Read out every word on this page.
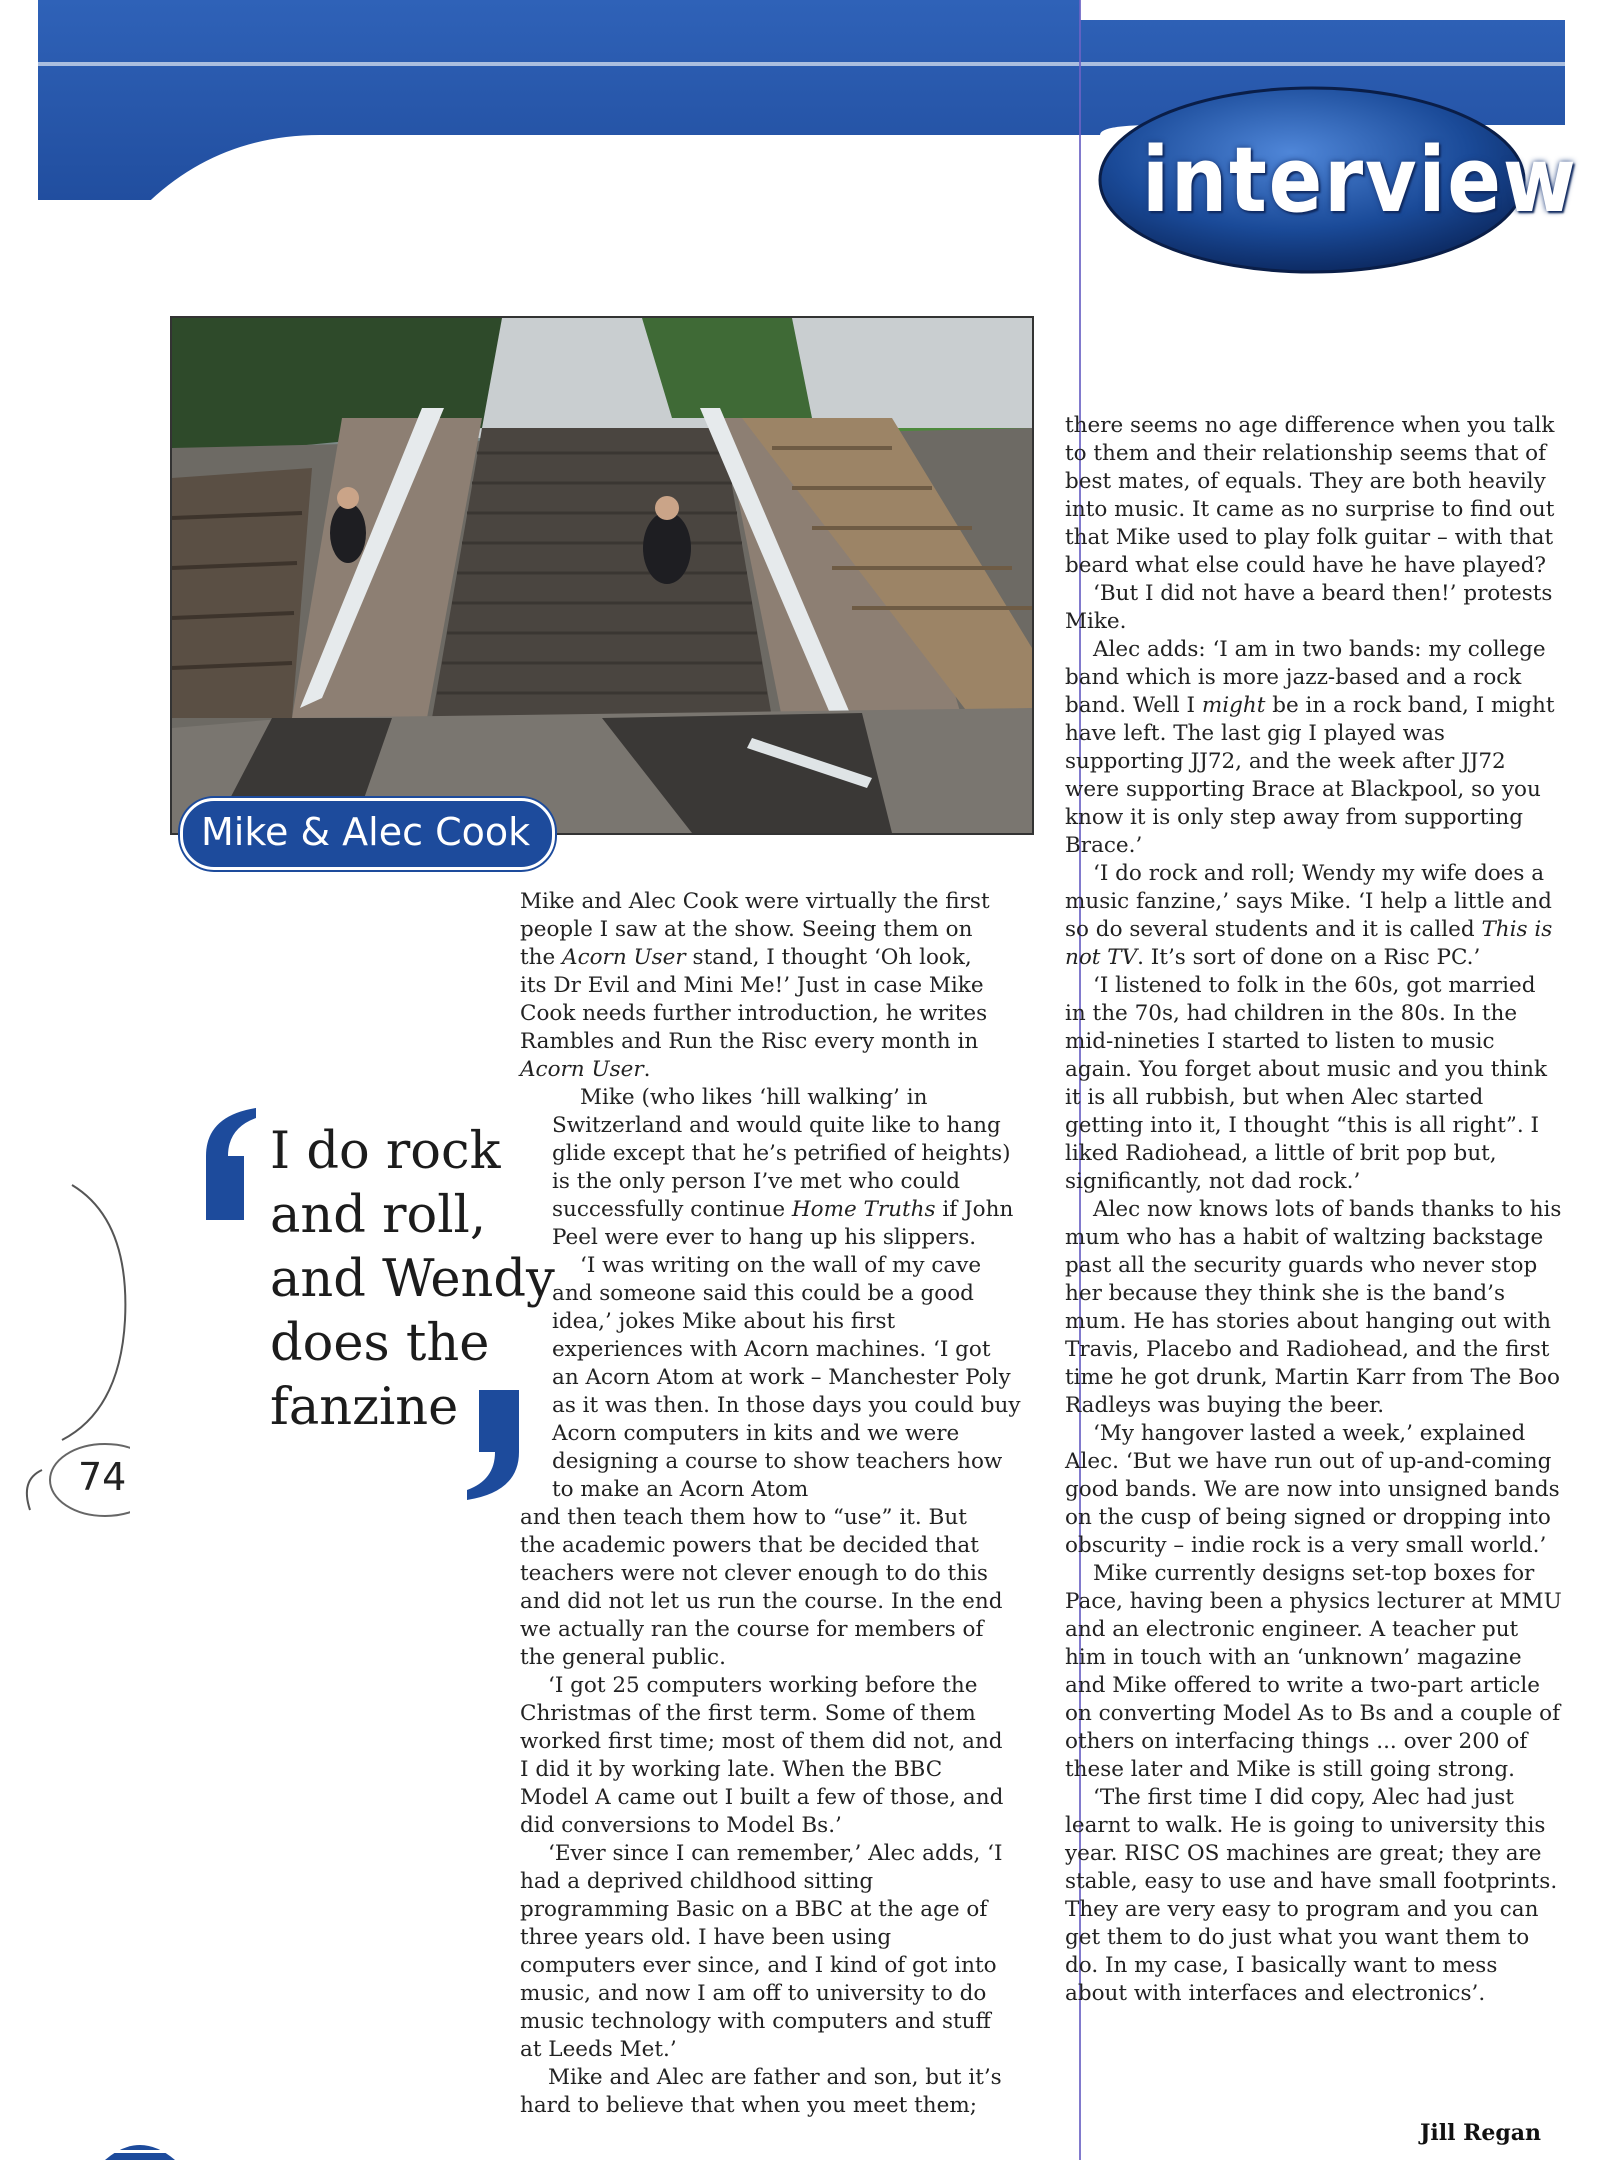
interview
Mike & Alec Cook
I do rock and roll, and Wendy does the fanzine
74

Mike and Alec Cook were virtually the first people I saw at the show. Seeing them on the Acorn User stand, I thought ‘Oh look, its Dr Evil and Mini Me!’ Just in case Mike Cook needs further introduction, he writes Rambles and Run the Risc every month in Acorn User.

Mike (who likes ‘hill walking’ in Switzerland and would quite like to hang glide except that he’s petrified of heights) is the only person I’ve met who could successfully continue Home Truths if John Peel were ever to hang up his slippers.

‘I was writing on the wall of my cave and someone said this could be a good idea,’ jokes Mike about his first experiences with Acorn machines. ‘I got an Acorn Atom at work – Manchester Poly as it was then. In those days you could buy Acorn computers in kits and we were designing a course to show teachers how to make an Acorn Atom

and then teach them how to “use” it. But the academic powers that be decided that teachers were not clever enough to do this and did not let us run the course. In the end we actually ran the course for members of the general public.

‘I got 25 computers working before the Christmas of the first term. Some of them worked first time; most of them did not, and I did it by working late. When the BBC Model A came out I built a few of those, and did conversions to Model Bs.’

‘Ever since I can remember,’ Alec adds, ‘I had a deprived childhood sitting programming Basic on a BBC at the age of three years old. I have been using computers ever since, and I kind of got into music, and now I am off to university to do music technology with computers and stuff at Leeds Met.’

Mike and Alec are father and son, but it’s hard to believe that when you meet them;

there seems no age difference when you talk to them and their relationship seems that of best mates, of equals. They are both heavily into music. It came as no surprise to find out that Mike used to play folk guitar – with that beard what else could have he have played?

‘But I did not have a beard then!’ protests Mike.

Alec adds: ‘I am in two bands: my college band which is more jazz-based and a rock band. Well I might be in a rock band, I might have left. The last gig I played was supporting JJ72, and the week after JJ72 were supporting Brace at Blackpool, so you know it is only step away from supporting Brace.’

‘I do rock and roll; Wendy my wife does a music fanzine,’ says Mike. ‘I help a little and so do several students and it is called This is not TV. It’s sort of done on a Risc PC.’

‘I listened to folk in the 60s, got married in the 70s, had children in the 80s. In the mid-nineties I started to listen to music again. You forget about music and you think it is all rubbish, but when Alec started getting into it, I thought “this is all right”. I liked Radiohead, a little of brit pop but, significantly, not dad rock.’

Alec now knows lots of bands thanks to his mum who has a habit of waltzing backstage past all the security guards who never stop her because they think she is the band’s mum. He has stories about hanging out with Travis, Placebo and Radiohead, and the first time he got drunk, Martin Karr from The Boo Radleys was buying the beer.

‘My hangover lasted a week,’ explained Alec. ‘But we have run out of up-and-coming good bands. We are now into unsigned bands on the cusp of being signed or dropping into obscurity – indie rock is a very small world.’

Mike currently designs set-top boxes for Pace, having been a physics lecturer at MMU and an electronic engineer. A teacher put him in touch with an ‘unknown’ magazine and Mike offered to write a two-part article on converting Model As to Bs and a couple of others on interfacing things ... over 200 of these later and Mike is still going strong.

‘The first time I did copy, Alec had just learnt to walk. He is going to university this year. RISC OS machines are great; they are stable, easy to use and have small footprints. They are very easy to program and you can get them to do just what you want them to do. In my case, I basically want to mess about with interfaces and electronics’.

Jill Regan
